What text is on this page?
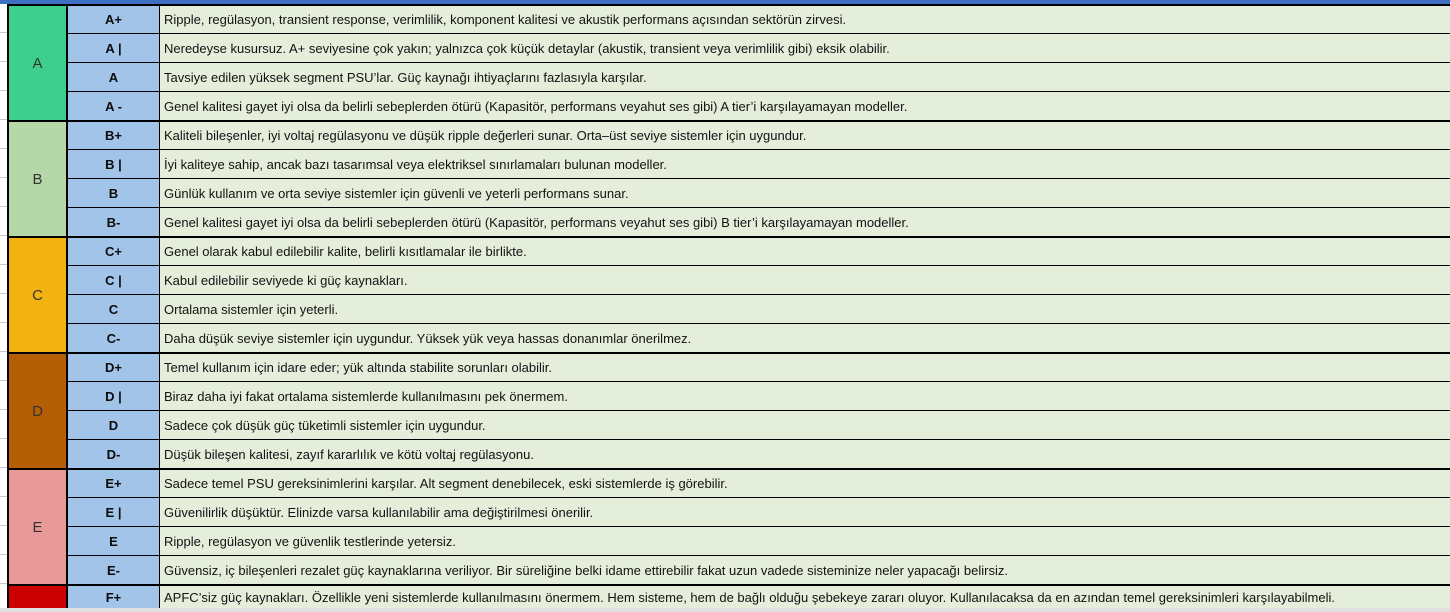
A
A+	Ripple, regülasyon, transient response, verimlilik, komponent kalitesi ve akustik performans açısından sektörün zirvesi.
A |	Neredeyse kusursuz. A+ seviyesine çok yakın; yalnızca çok küçük detaylar (akustik, transient veya verimlilik gibi) eksik olabilir.
A	Tavsiye edilen yüksek segment PSU’lar. Güç kaynağı ihtiyaçlarını fazlasıyla karşılar.
A -	Genel kalitesi gayet iyi olsa da belirli sebeplerden ötürü (Kapasitör, performans veyahut ses gibi) A tier’i karşılayamayan modeller.
B
B+	Kaliteli bileşenler, iyi voltaj regülasyonu ve düşük ripple değerleri sunar. Orta–üst seviye sistemler için uygundur.
B |	İyi kaliteye sahip, ancak bazı tasarımsal veya elektriksel sınırlamaları bulunan modeller.
B	Günlük kullanım ve orta seviye sistemler için güvenli ve yeterli performans sunar.
B-	Genel kalitesi gayet iyi olsa da belirli sebeplerden ötürü (Kapasitör, performans veyahut ses gibi) B tier’i karşılayamayan modeller.
C
C+	Genel olarak kabul edilebilir kalite, belirli kısıtlamalar ile birlikte.
C |	Kabul edilebilir seviyede ki güç kaynakları.
C	Ortalama sistemler için yeterli.
C-	Daha düşük seviye sistemler için uygundur. Yüksek yük veya hassas donanımlar önerilmez.
D
D+	Temel kullanım için idare eder; yük altında stabilite sorunları olabilir.
D |	Biraz daha iyi fakat ortalama sistemlerde kullanılmasını pek önermem.
D	Sadece çok düşük güç tüketimli sistemler için uygundur.
D-	Düşük bileşen kalitesi, zayıf kararlılık ve kötü voltaj regülasyonu.
E
E+	Sadece temel PSU gereksinimlerini karşılar. Alt segment denebilecek, eski sistemlerde iş görebilir.
E |	Güvenilirlik düşüktür. Elinizde varsa kullanılabilir ama değiştirilmesi önerilir.
E	Ripple, regülasyon ve güvenlik testlerinde yetersiz.
E-	Güvensiz, iç bileşenleri rezalet güç kaynaklarına veriliyor. Bir süreliğine belki idame ettirebilir fakat uzun vadede sisteminize neler yapacağı belirsiz.
F+	APFC’siz güç kaynakları. Özellikle yeni sistemlerde kullanılmasını önermem. Hem sisteme, hem de bağlı olduğu şebekeye zararı oluyor. Kullanılacaksa da en azından temel gereksinimleri karşılayabilmeli.
